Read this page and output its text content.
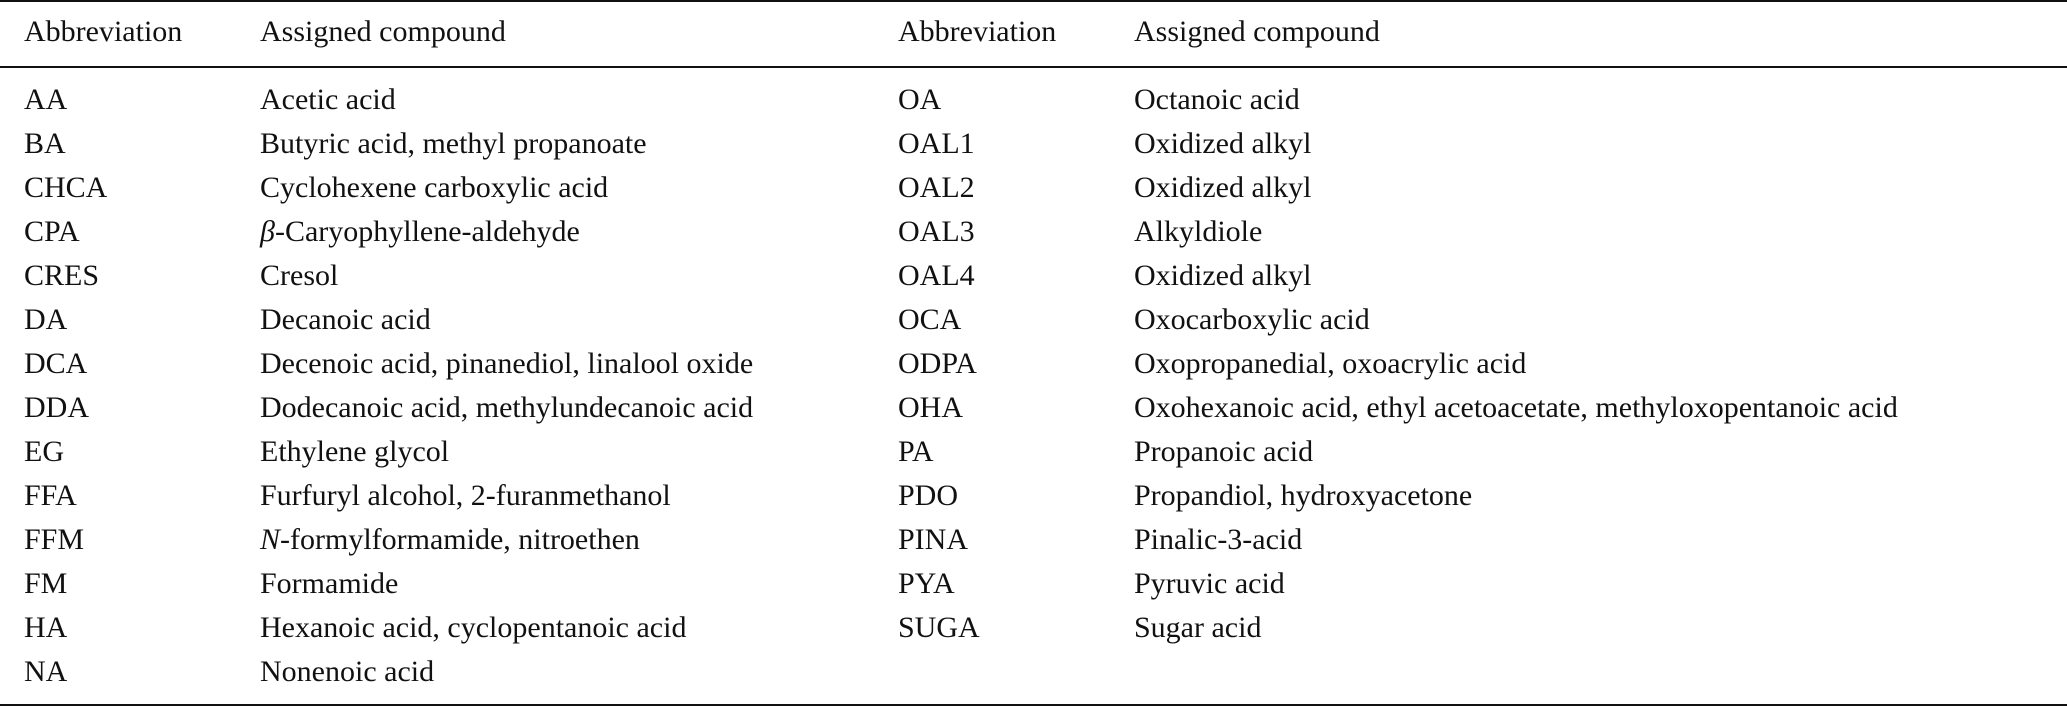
Abbreviation	Assigned compound	Abbreviation	Assigned compound
AA	Acetic acid	OA	Octanoic acid
BA	Butyric acid, methyl propanoate	OAL1	Oxidized alkyl
CHCA	Cyclohexene carboxylic acid	OAL2	Oxidized alkyl
CPA	β-Caryophyllene-aldehyde	OAL3	Alkyldiole
CRES	Cresol	OAL4	Oxidized alkyl
DA	Decanoic acid	OCA	Oxocarboxylic acid
DCA	Decenoic acid, pinanediol, linalool oxide	ODPA	Oxopropanedial, oxoacrylic acid
DDA	Dodecanoic acid, methylundecanoic acid	OHA	Oxohexanoic acid, ethyl acetoacetate, methyloxopentanoic acid
EG	Ethylene glycol	PA	Propanoic acid
FFA	Furfuryl alcohol, 2-furanmethanol	PDO	Propandiol, hydroxyacetone
FFM	N-formylformamide, nitroethen	PINA	Pinalic-3-acid
FM	Formamide	PYA	Pyruvic acid
HA	Hexanoic acid, cyclopentanoic acid	SUGA	Sugar acid
NA	Nonenoic acid
